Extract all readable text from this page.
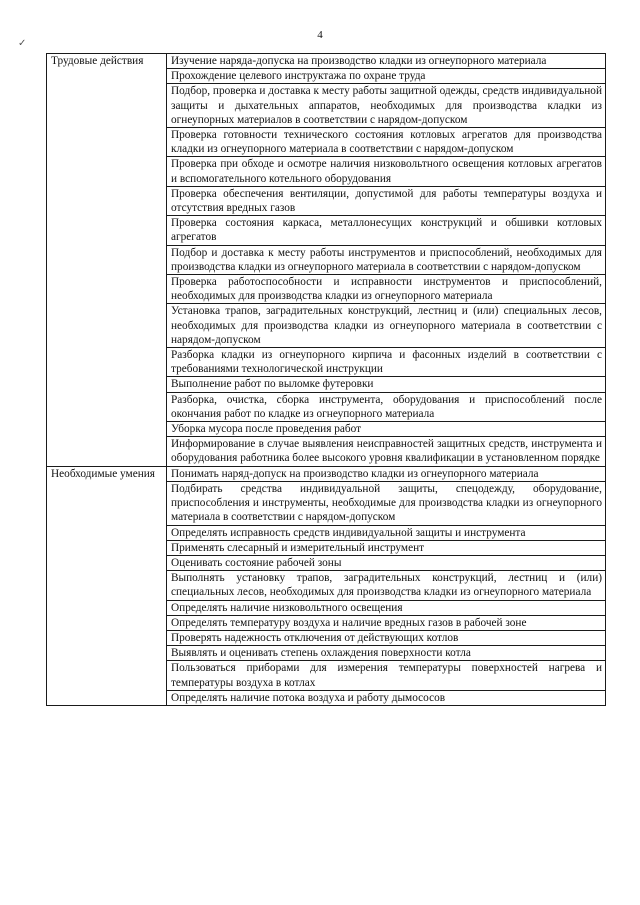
4
✓
Трудовые действия	Изучение наряда-допуска на производство кладки из огнеупорного материала
	Прохождение целевого инструктажа по охране труда
	Подбор, проверка и доставка к месту работы защитной одежды, средств индивидуальной защиты и дыхательных аппаратов, необходимых для производства кладки из огнеупорных материалов в соответствии с нарядом-допуском
	Проверка готовности технического состояния котловых агрегатов для производства кладки из огнеупорного материала в соответствии с нарядом-допуском
	Проверка при обходе и осмотре наличия низковольтного освещения котловых агрегатов и вспомогательного котельного оборудования
	Проверка обеспечения вентиляции, допустимой для работы температуры воздуха и отсутствия вредных газов
	Проверка состояния каркаса, металлонесущих конструкций и обшивки котловых агрегатов
	Подбор и доставка к месту работы инструментов и приспособлений, необходимых для производства кладки из огнеупорного материала в соответствии с нарядом-допуском
	Проверка работоспособности и исправности инструментов и приспособлений, необходимых для производства кладки из огнеупорного материала
	Установка трапов, заградительных конструкций, лестниц и (или) специальных лесов, необходимых для производства кладки из огнеупорного материала в соответствии с нарядом-допуском
	Разборка кладки из огнеупорного кирпича и фасонных изделий в соответствии с требованиями технологической инструкции
	Выполнение работ по выломке футеровки
	Разборка, очистка, сборка инструмента, оборудования и приспособлений после окончания работ по кладке из огнеупорного материала
	Уборка мусора после проведения работ
	Информирование в случае выявления неисправностей защитных средств, инструмента и оборудования работника более высокого уровня квалификации в установленном порядке
Необходимые умения	Понимать наряд-допуск на производство кладки из огнеупорного материала
	Подбирать средства индивидуальной защиты, спецодежду, оборудование, приспособления и инструменты, необходимые для производства кладки из огнеупорного материала в соответствии с нарядом-допуском
	Определять исправность средств индивидуальной защиты и инструмента
	Применять слесарный и измерительный инструмент
	Оценивать состояние рабочей зоны
	Выполнять установку трапов, заградительных конструкций, лестниц и (или) специальных лесов, необходимых для производства кладки из огнеупорного материала
	Определять наличие низковольтного освещения
	Определять температуру воздуха и наличие вредных газов в рабочей зоне
	Проверять надежность отключения от действующих котлов
	Выявлять и оценивать степень охлаждения поверхности котла
	Пользоваться приборами для измерения температуры поверхностей нагрева и температуры воздуха в котлах
	Определять наличие потока воздуха и работу дымососов
